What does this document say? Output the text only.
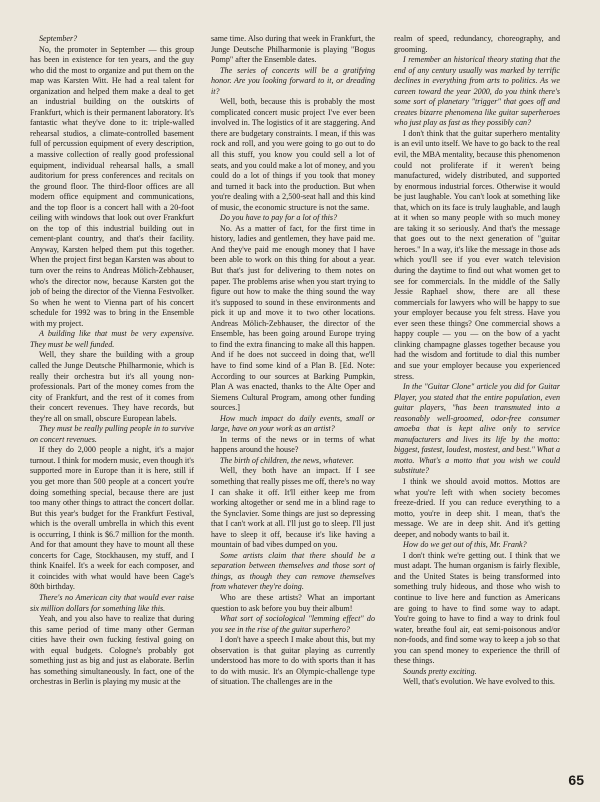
September?

No, the promoter in September — this group has been in existence for ten years, and the guy who did the most to organize and put them on the map was Karsten Witt. He had a real talent for organization and helped them make a deal to get an industrial building on the outskirts of Frankfurt, which is their permanent laboratory. It's fantastic what they've done to it: triple-walled rehearsal studios, a climate-controlled basement full of percussion equipment of every description, a massive collection of really good professional equipment, individual rehearsal halls, a small auditorium for press conferences and recitals on the ground floor. The third-floor offices are all modern office equipment and communications, and the top floor is a concert hall with a 20-foot ceiling with windows that look out over Frankfurt on the top of this industrial building out in cement-plant country, and that's their facility. Anyway, Karsten helped them put this together. When the project first began Karsten was about to turn over the reins to Andreas Mölich-Zebhauser, who's the director now, because Karsten got the job of being the director of the Vienna Festvolker. So when he went to Vienna part of his concert schedule for 1992 was to bring in the Ensemble with my project.

A building like that must be very expensive. They must be well funded.

Well, they share the building with a group called the Junge Deutsche Philharmonie, which is really their orchestra but it's all young non-professionals. Part of the money comes from the city of Frankfurt, and the rest of it comes from their concert revenues. They have records, but they're all on small, obscure European labels.

They must be really pulling people in to survive on concert revenues.

If they do 2,000 people a night, it's a major turnout. I think for modern music, even though it's supported more in Europe than it is here, still if you get more than 500 people at a concert you're doing something special, because there are just too many other things to attract the concert dollar. But this year's budget for the Frankfurt Festival, which is the overall umbrella in which this event is occurring, I think is $6.7 million for the month. And for that amount they have to mount all these concerts for Cage, Stockhausen, my stuff, and I think Knaifel. It's a week for each composer, and it coincides with what would have been Cage's 80th birthday.

There's no American city that would ever raise six million dollars for something like this.

Yeah, and you also have to realize that during this same period of time many other German cities have their own fucking festival going on with equal budgets. Cologne's probably got something just as big and just as elaborate. Berlin has something simultaneously. In fact, one of the orchestras in Berlin is playing my music at the

same time. Also during that week in Frankfurt, the Junge Deutsche Philharmonie is playing "Bogus Pomp" after the Ensemble dates.

The series of concerts will be a gratifying honor. Are you looking forward to it, or dreading it?

Well, both, because this is probably the most complicated concert music project I've ever been involved in. The logistics of it are staggering. And there are budgetary constraints. I mean, if this was rock and roll, and you were going to go out to do all this stuff, you know you could sell a lot of seats, and you could make a lot of money, and you could do a lot of things if you took that money and turned it back into the production. But when you're dealing with a 2,500-seat hall and this kind of music, the economic structure is not the same.

Do you have to pay for a lot of this?

No. As a matter of fact, for the first time in history, ladies and gentlemen, they have paid me. And they've paid me enough money that I have been able to work on this thing for about a year. But that's just for delivering to them notes on paper. The problems arise when you start trying to figure out how to make the thing sound the way it's supposed to sound in these environments and pick it up and move it to two other locations. Andreas Mölich-Zebhauser, the director of the Ensemble, has been going around Europe trying to find the extra financing to make all this happen. And if he does not succeed in doing that, we'll have to find some kind of a Plan B. [Ed. Note: According to our sources at Barking Pumpkin, Plan A was enacted, thanks to the Alte Oper and Siemens Cultural Program, among other funding sources.]

How much impact do daily events, small or large, have on your work as an artist?

In terms of the news or in terms of what happens around the house?

The birth of children, the news, whatever.

Well, they both have an impact. If I see something that really pisses me off, there's no way I can shake it off. It'll either keep me from working altogether or send me in a blind rage to the Synclavier. Some things are just so depressing that I can't work at all. I'll just go to sleep. I'll just have to sleep it off, because it's like having a mountain of bad vibes dumped on you.

Some artists claim that there should be a separation between themselves and those sort of things, as though they can remove themselves from whatever they're doing.

Who are these artists? What an important question to ask before you buy their album!

What sort of sociological "lemming effect" do you see in the rise of the guitar superhero?

I don't have a speech I make about this, but my observation is that guitar playing as currently understood has more to do with sports than it has to do with music. It's an Olympic-challenge type of situation. The challenges are in the

realm of speed, redundancy, choreography, and grooming.

I remember an historical theory stating that the end of any century usually was marked by terrific declines in everything from arts to politics. As we careen toward the year 2000, do you think there's some sort of planetary "trigger" that goes off and creates bizarre phenomena like guitar superheroes who just play as fast as they possibly can?

I don't think that the guitar superhero mentality is an evil unto itself. We have to go back to the real evil, the MBA mentality, because this phenomenon could not proliferate if it weren't being manufactured, widely distributed, and supported by enormous industrial forces. Otherwise it would be just laughable. You can't look at something like that, which on its face is truly laughable, and laugh at it when so many people with so much money are taking it so seriously. And that's the message that goes out to the next generation of "guitar heroes." In a way, it's like the message in those ads which you'll see if you ever watch television during the daytime to find out what women get to see for commercials. In the middle of the Sally Jessie Raphael show, there are all these commercials for lawyers who will be happy to sue your employer because you felt stress. Have you ever seen these things? One commercial shows a happy couple — you — on the bow of a yacht clinking champagne glasses together because you had the wisdom and fortitude to dial this number and sue your employer because you experienced stress.

In the "Guitar Clone" article you did for Guitar Player, you stated that the entire population, even guitar players, "has been transmuted into a reasonably well-groomed, odor-free consumer amoeba that is kept alive only to service manufacturers and lives its life by the motto: biggest, fastest, loudest, mostest, and best." What a motto. What's a motto that you wish we could substitute?

I think we should avoid mottos. Mottos are what you're left with when society becomes freeze-dried. If you can reduce everything to a motto, you're in deep shit. I mean, that's the message. We are in deep shit. And it's getting deeper, and nobody wants to bail it.

How do we get out of this, Mr. Frank?

I don't think we're getting out. I think that we must adapt. The human organism is fairly flexible, and the United States is being transformed into something truly hideous, and those who wish to continue to live here and function as Americans are going to have to find some way to adapt. You're going to have to find a way to drink foul water, breathe foul air, eat semi-poisonous and/or non-foods, and find some way to keep a job so that you can spend money to experience the thrill of these things.

Sounds pretty exciting.

Well, that's evolution. We have evolved to this.

65
